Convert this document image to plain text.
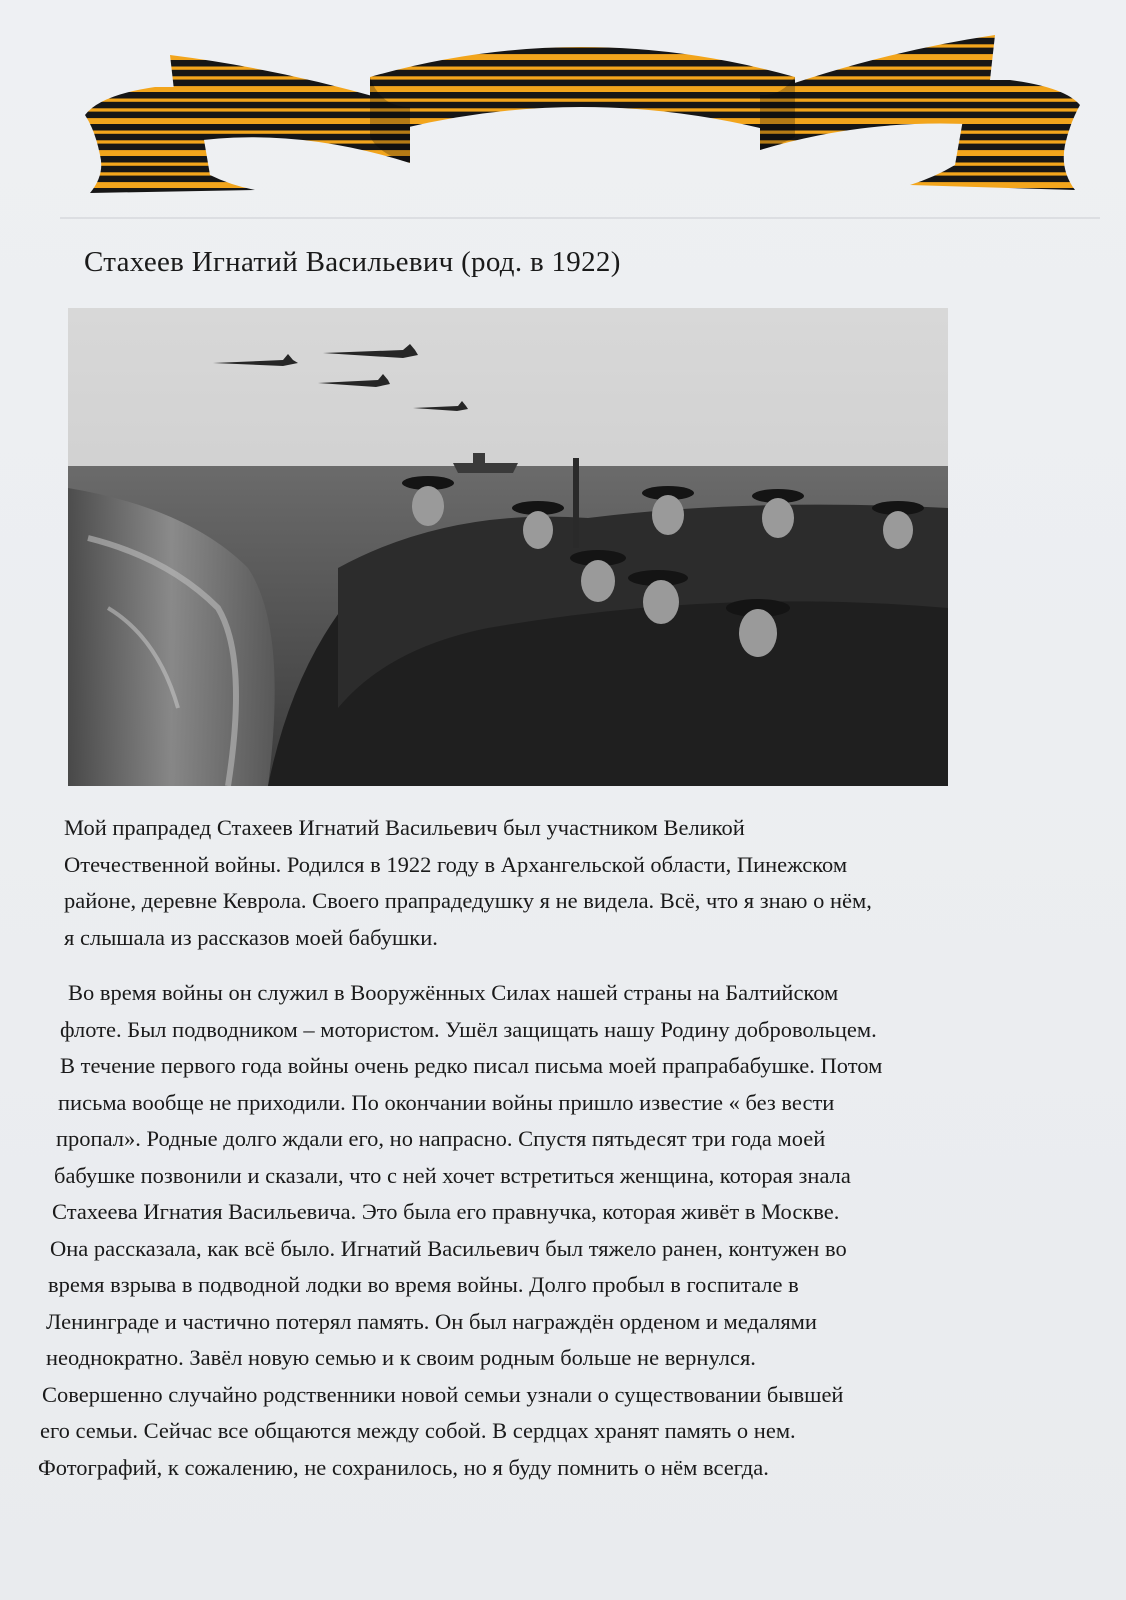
Стахеев Игнатий Васильевич (род. в 1922)

Мой прапрадед Стахеев Игнатий Васильевич был участником Великой
Отечественной войны. Родился в 1922 году в Архангельской области, Пинежском
районе, деревне Кеврола. Своего прапрадедушку я не видела. Всё, что я знаю о нём,
я слышала из рассказов моей бабушки.

Во время войны он служил в Вооружённых Силах нашей страны на Балтийском
флоте. Был подводником – мотористом. Ушёл защищать нашу Родину добровольцем.
В течение первого года войны очень редко писал письма моей прапрабабушке. Потом
письма вообще не приходили. По окончании войны пришло известие « без вести
пропал». Родные долго ждали его, но напрасно. Спустя пятьдесят три года моей
бабушке позвонили и сказали, что с ней хочет встретиться женщина, которая знала
Стахеева Игнатия Васильевича. Это была его правнучка, которая живёт в Москве.
Она рассказала, как всё было. Игнатий Васильевич был тяжело ранен, контужен во
время взрыва в подводной лодки во время войны. Долго пробыл в госпитале в
Ленинграде и частично потерял память. Он был награждён орденом и медалями
неоднократно. Завёл новую семью и к своим родным больше не вернулся.
Совершенно случайно родственники новой семьи узнали о существовании бывшей
его семьи. Сейчас все общаются между собой. В сердцах хранят память о нем.
Фотографий, к сожалению, не сохранилось, но я буду помнить о нём всегда.
